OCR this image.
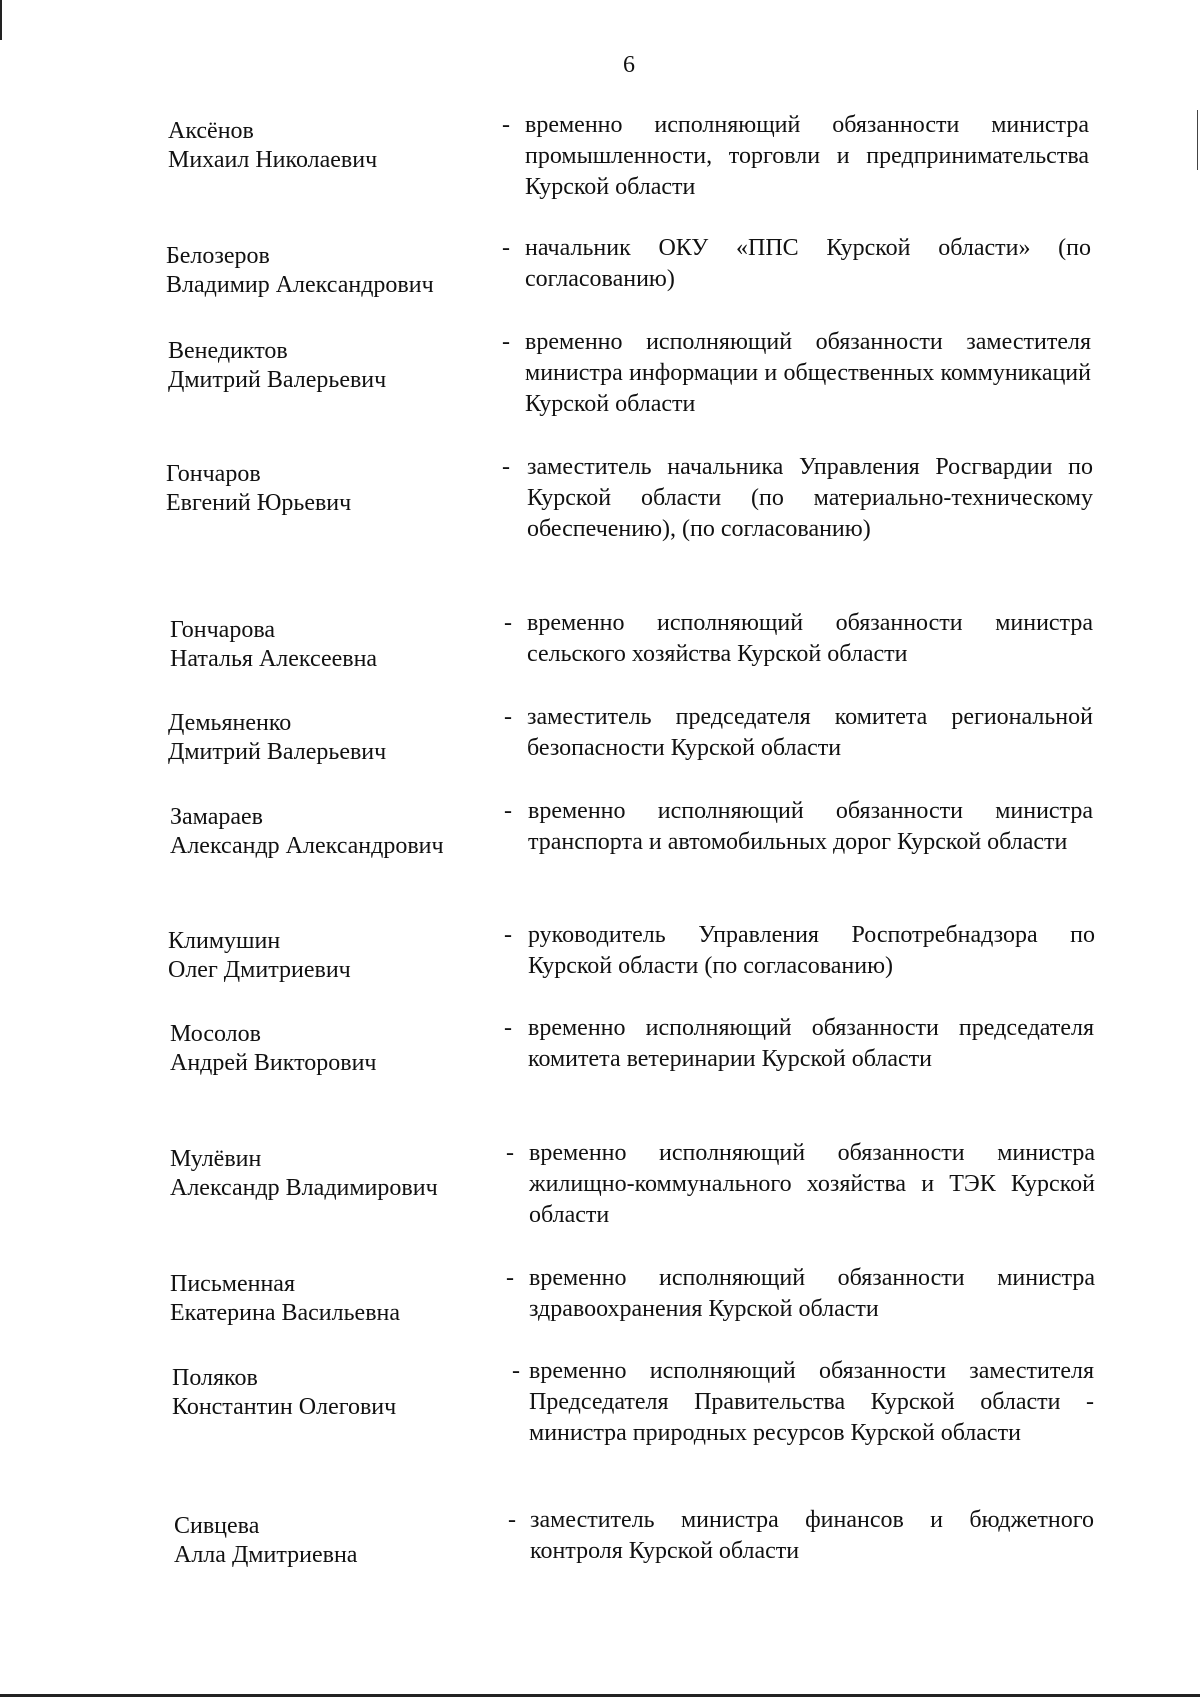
6
Аксёнов
Михаил Николаевич
- временно исполняющий обязанности министра промышленности, торговли и предпринимательства Курской области
Белозеров
Владимир Александрович
- начальник ОКУ «ППС Курской области» (по согласованию)
Венедиктов
Дмитрий Валерьевич
- временно исполняющий обязанности заместителя министра информации и общественных коммуникаций Курской области
Гончаров
Евгений Юрьевич
- заместитель начальника Управления Росгвардии по Курской области (по материально-техническому обеспечению), (по согласованию)
Гончарова
Наталья Алексеевна
- временно исполняющий обязанности министра сельского хозяйства Курской области
Демьяненко
Дмитрий Валерьевич
- заместитель председателя комитета региональной безопасности Курской области
Замараев
Александр Александрович
- временно исполняющий обязанности министра транспорта и автомобильных дорог Курской области
Климушин
Олег Дмитриевич
- руководитель Управления Роспотребнадзора по Курской области (по согласованию)
Мосолов
Андрей Викторович
- временно исполняющий обязанности председателя комитета ветеринарии Курской области
Мулёвин
Александр Владимирович
- временно исполняющий обязанности министра жилищно-коммунального хозяйства и ТЭК Курской области
Письменная
Екатерина Васильевна
- временно исполняющий обязанности министра здравоохранения Курской области
Поляков
Константин Олегович
- временно исполняющий обязанности заместителя Председателя Правительства Курской области - министра природных ресурсов Курской области
Сивцева
Алла Дмитриевна
- заместитель министра финансов и бюджетного контроля Курской области
